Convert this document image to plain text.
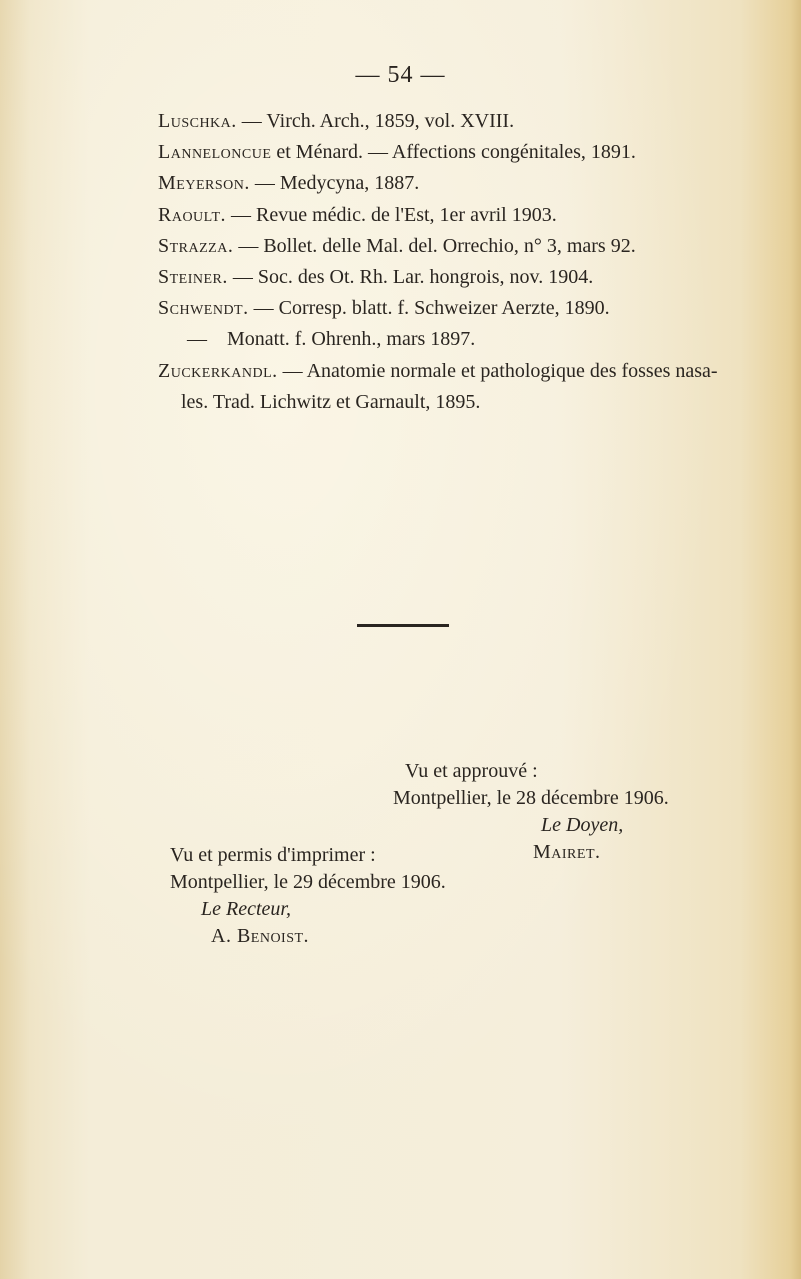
— 54 —
Luschka. — Virch. Arch., 1859, vol. XVIII.
Lanneloncue et Ménard. — Affections congénitales, 1891.
Meyerson. — Medycyna, 1887.
Raoult. — Revue médic. de l'Est, 1er avril 1903.
Strazza. — Bollet. delle Mal. del. Orrechio, n° 3, mars 92.
Steiner. — Soc. des Ot. Rh. Lar. hongrois, nov. 1904.
Schwendt. — Corresp. blatt. f. Schweizer Aerzte, 1890.
— Monatt. f. Ohrenh., mars 1897.
Zuckerkandl. — Anatomie normale et pathologique des fosses nasa-
les. Trad. Lichwitz et Garnault, 1895.
Vu et approuvé :
Montpellier, le 28 décembre 1906.
Le Doyen,
Mairet.
Vu et permis d'imprimer :
Montpellier, le 29 décembre 1906.
Le Recteur,
A. Benoist.
